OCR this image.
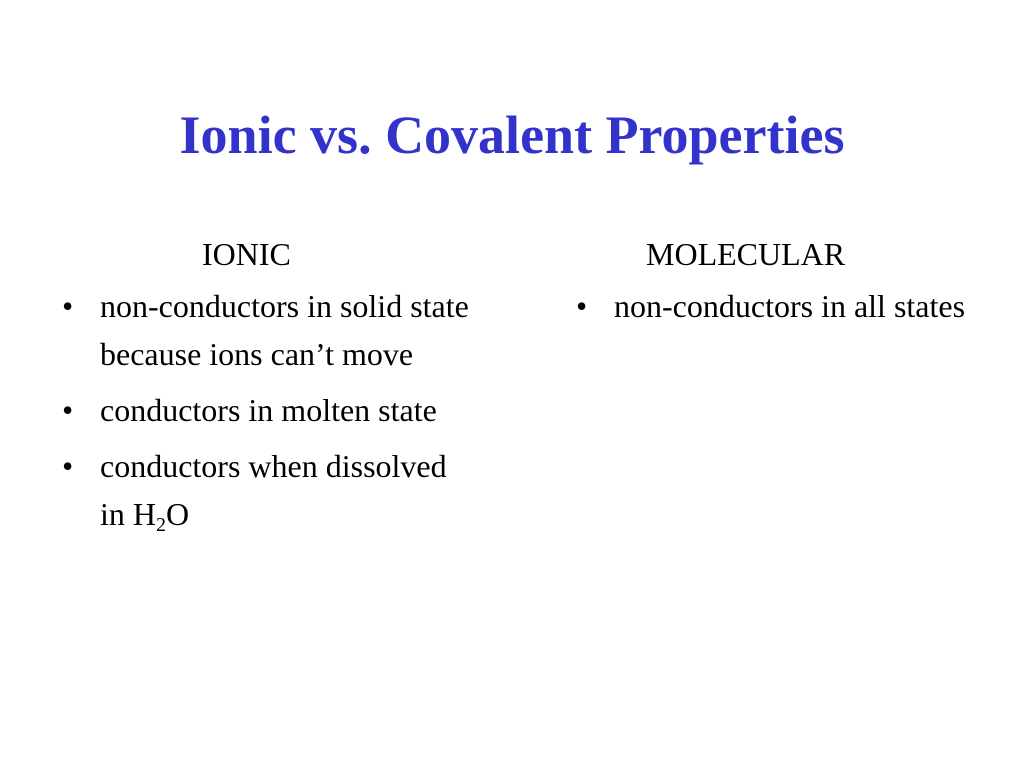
Ionic vs. Covalent Properties
IONIC
• non-conductors in solid state because ions can’t move
• conductors in molten state
• conductors when dissolved in $H_2O$
MOLECULAR
• non-conductors in all states
